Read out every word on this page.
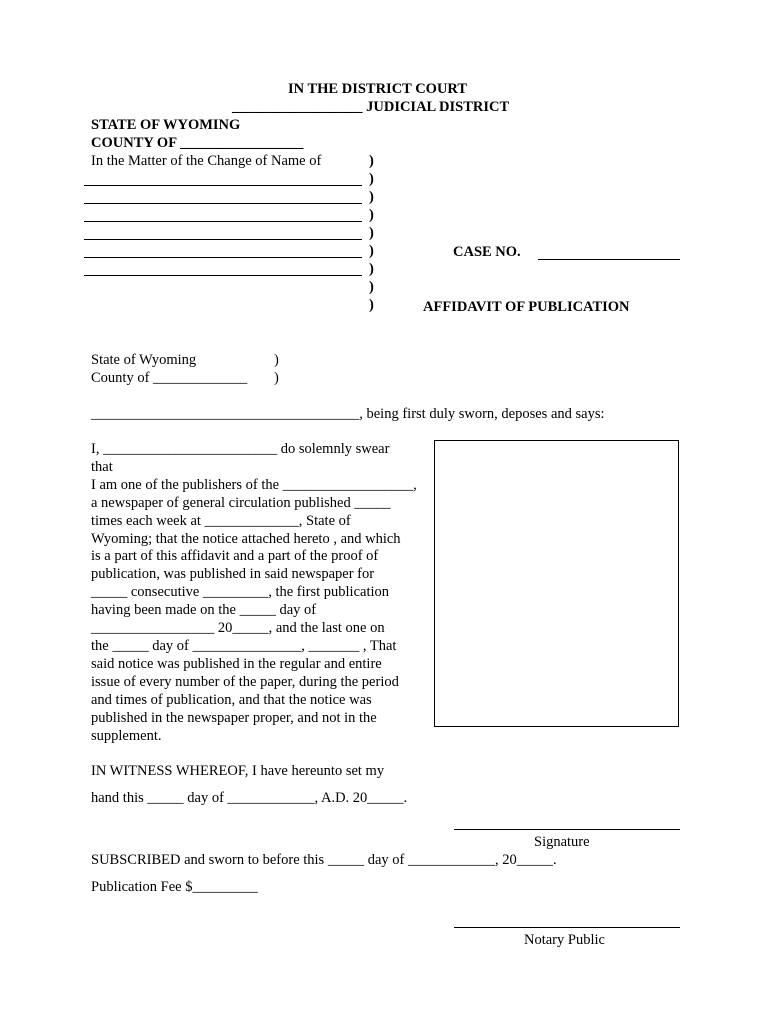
IN THE DISTRICT COURT
__________________ JUDICIAL DISTRICT
STATE OF WYOMING
COUNTY OF _________________
In the Matter of the Change of Name of	)
)
)
)
)
)
)
)
)
CASE NO.
AFFIDAVIT OF PUBLICATION
State of Wyoming
County of _____________
)
)
_____________________________________, being first duly sworn, deposes and says:
I, ________________________ do solemnly swear
that
I am one of the publishers of the __________________,
a newspaper of general circulation published _____
times each week at _____________, State of
Wyoming; that the notice attached hereto , and which
is a part of this affidavit and a part of the proof of
publication, was published in said newspaper for
_____ consecutive _________, the first publication
having been made on the _____ day of
_________________ 20_____, and the last one on
the _____ day of _______________, _______ , That
said notice was published in the regular and entire
issue of every number of the paper, during the period
and times of publication, and that the notice was
published in the newspaper proper, and not in the
supplement.
IN WITNESS WHEREOF, I have hereunto set my
hand this _____ day of ____________, A.D. 20_____.
Signature
SUBSCRIBED and sworn to before this _____ day of ____________, 20_____.
Publication Fee $_________
Notary Public
